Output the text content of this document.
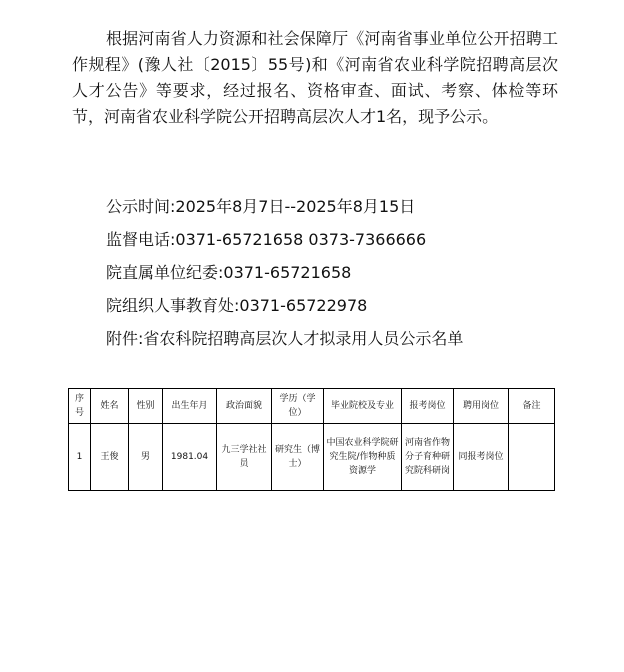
根据河南省人力资源和社会保障厅《河南省事业单位公开招聘工作规程》(豫人社〔2015〕55号)和《河南省农业科学院招聘高层次人才公告》等要求，经过报名、资格审查、面试、考察、体检等环节，河南省农业科学院公开招聘高层次人才1名，现予公示。

公示时间:2025年8月7日--2025年8月15日

监督电话:0371-65721658 0373-7366666

院直属单位纪委:0371-65721658

院组织人事教育处:0371-65722978

附件:省农科院招聘高层次人才拟录用人员公示名单

序号	姓名	性别	出生年月	政治面貌	学历（学位）	毕业院校及专业	报考岗位	聘用岗位	备注
1	王俊	男	1981.04	九三学社社员	研究生（博士）	中国农业科学院研究生院/作物种质资源学	河南省作物分子育种研究院科研岗	同报考岗位	
